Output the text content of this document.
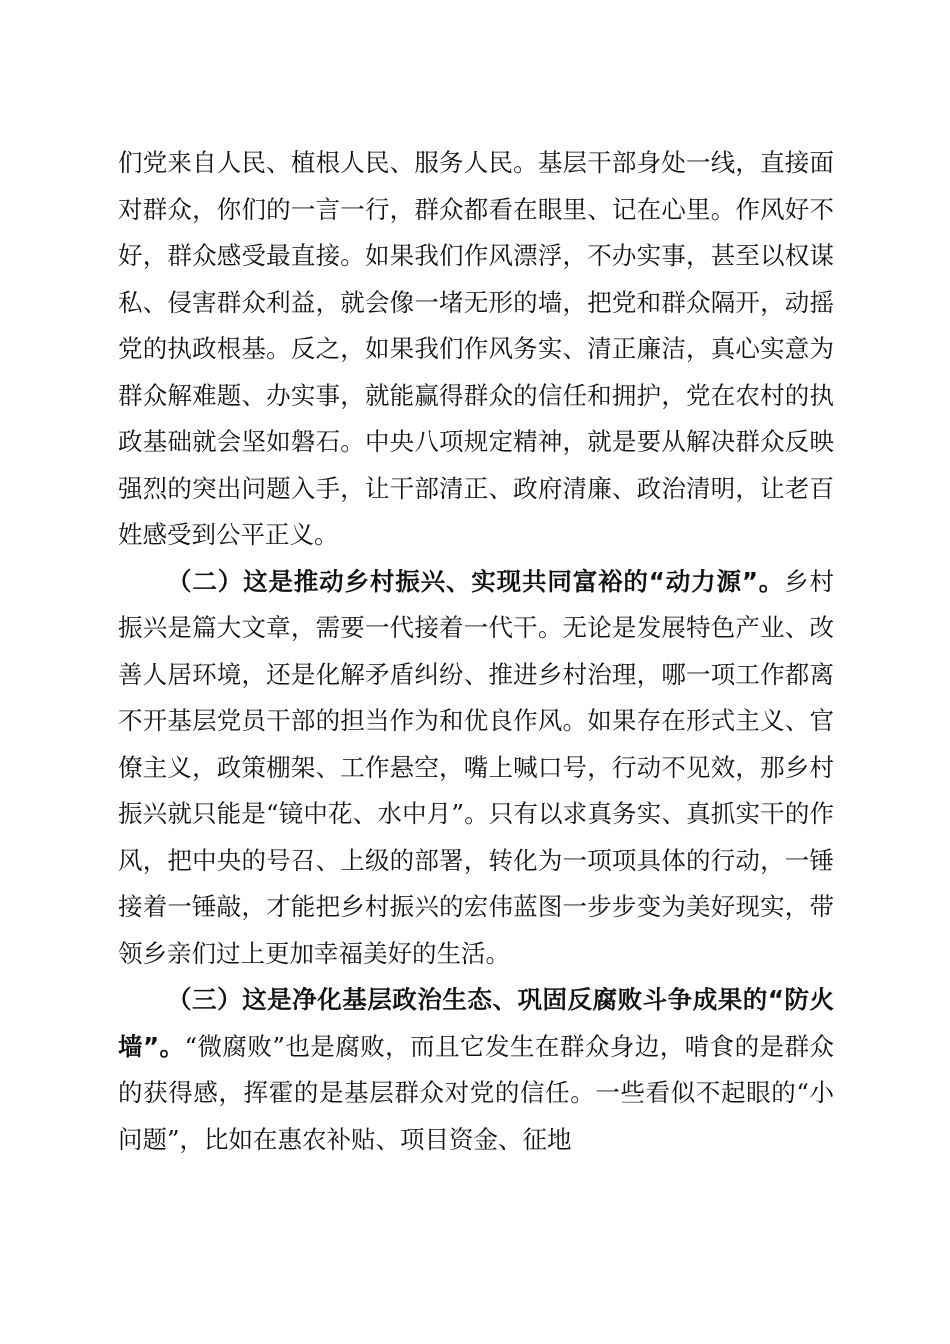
们党来自人民、植根人民、服务人民。基层干部身处一线，直接面对群众，你们的一言一行，群众都看在眼里、记在心里。作风好不好，群众感受最直接。如果我们作风漂浮，不办实事，甚至以权谋私、侵害群众利益，就会像一堵无形的墙，把党和群众隔开，动摇党的执政根基。反之，如果我们作风务实、清正廉洁，真心实意为群众解难题、办实事，就能赢得群众的信任和拥护，党在农村的执政基础就会坚如磐石。中央八项规定精神，就是要从解决群众反映强烈的突出问题入手，让干部清正、政府清廉、政治清明，让老百姓感受到公平正义。

（二）这是推动乡村振兴、实现共同富裕的“动力源”。乡村振兴是篇大文章，需要一代接着一代干。无论是发展特色产业、改善人居环境，还是化解矛盾纠纷、推进乡村治理，哪一项工作都离不开基层党员干部的担当作为和优良作风。如果存在形式主义、官僚主义，政策棚架、工作悬空，嘴上喊口号，行动不见效，那乡村振兴就只能是“镜中花、水中月”。只有以求真务实、真抓实干的作风，把中央的号召、上级的部署，转化为一项项具体的行动，一锤接着一锤敲，才能把乡村振兴的宏伟蓝图一步步变为美好现实，带领乡亲们过上更加幸福美好的生活。

（三）这是净化基层政治生态、巩固反腐败斗争成果的“防火墙”。“微腐败”也是腐败，而且它发生在群众身边，啃食的是群众的获得感，挥霍的是基层群众对党的信任。一些看似不起眼的“小问题”，比如在惠农补贴、项目资金、征地
